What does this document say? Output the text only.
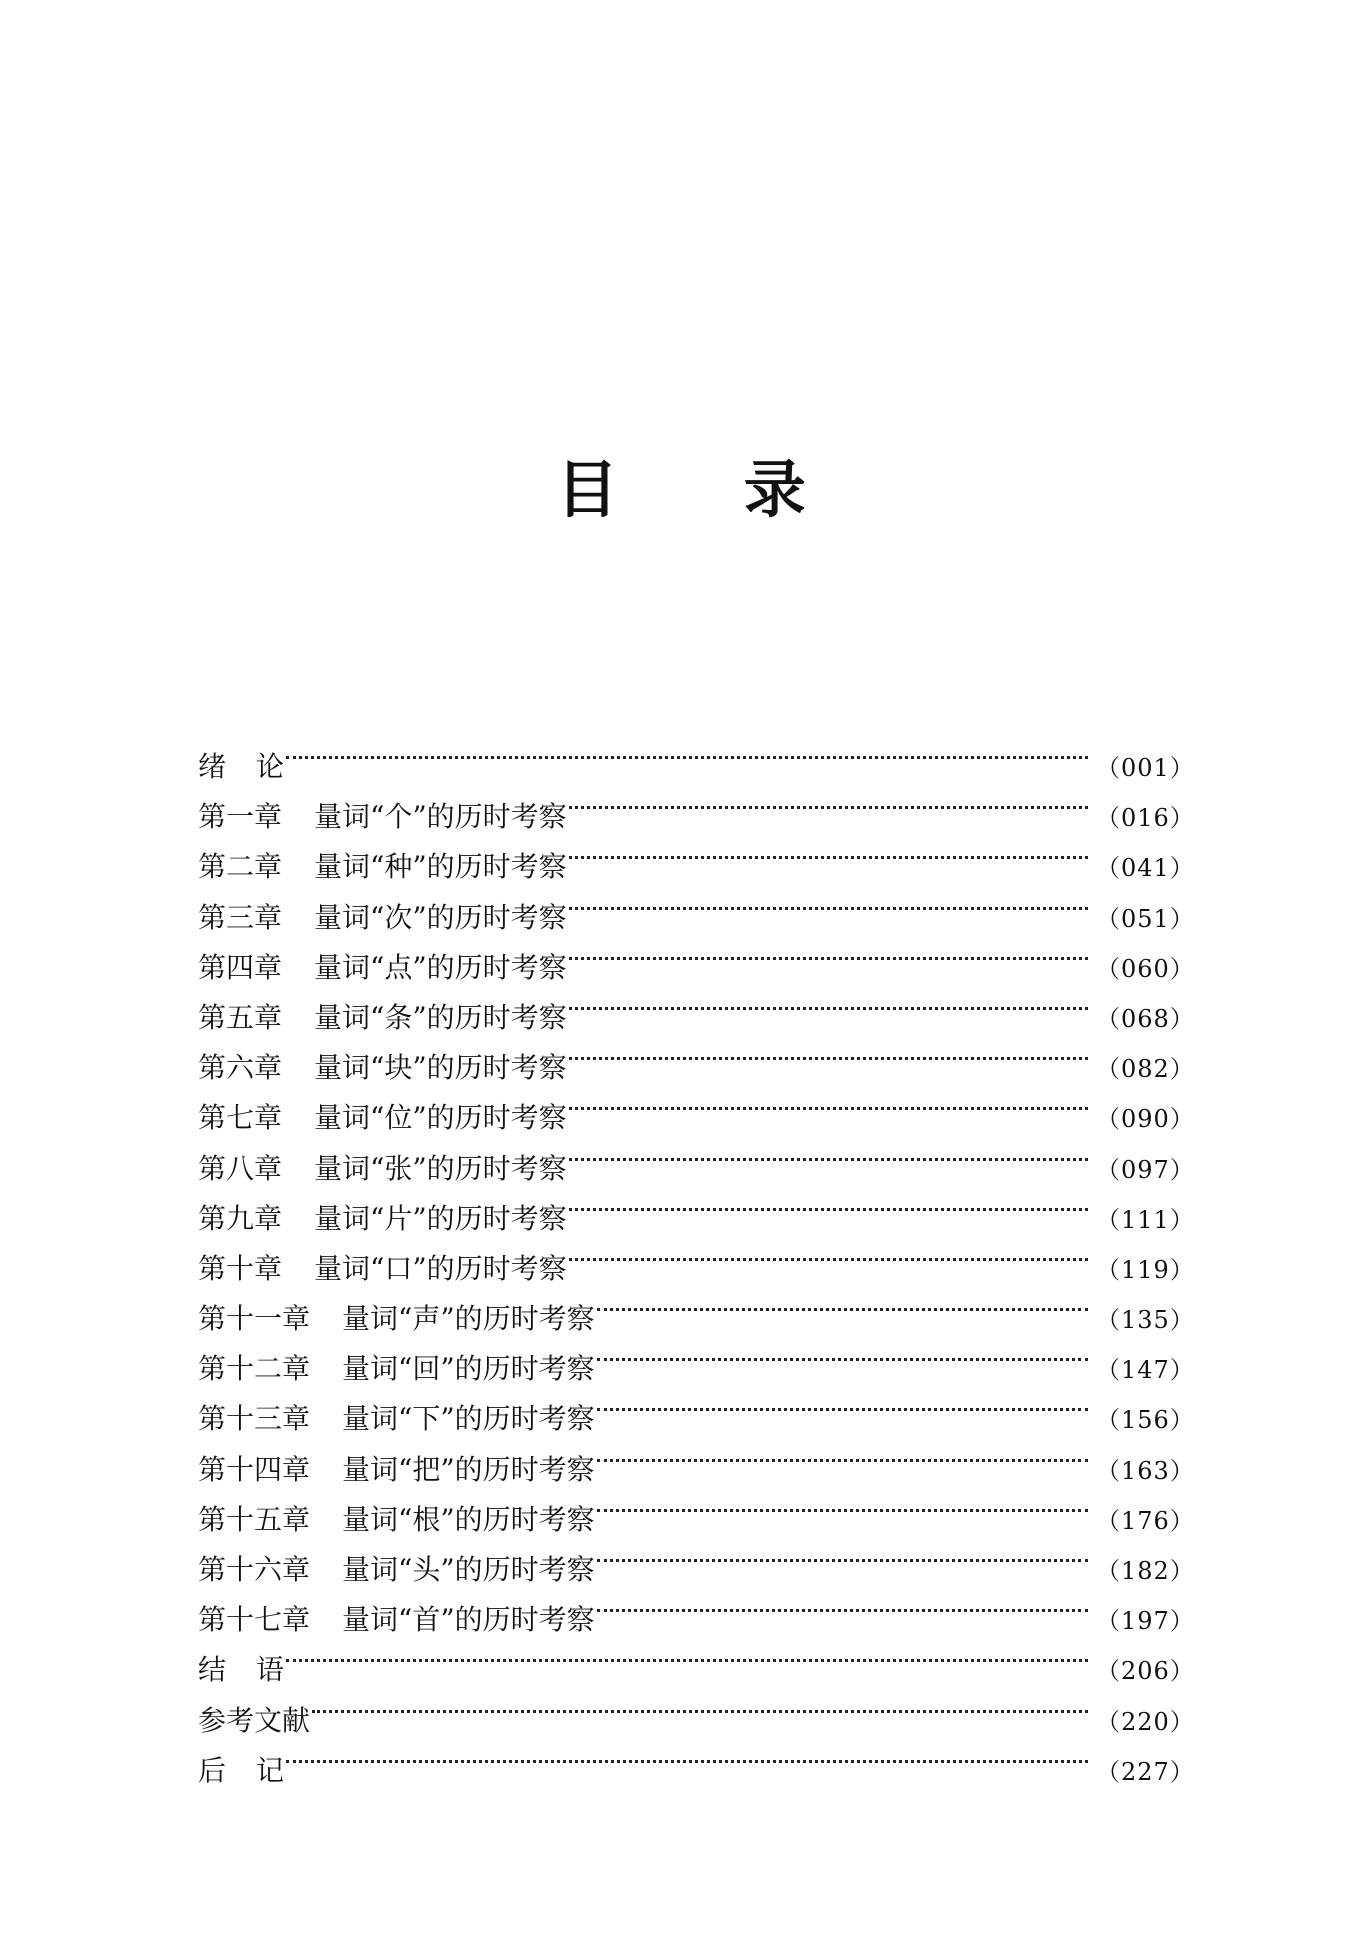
目 录
绪 论	（001）
第一章 量词“个”的历时考察	（016）
第二章 量词“种”的历时考察	（041）
第三章 量词“次”的历时考察	（051）
第四章 量词“点”的历时考察	（060）
第五章 量词“条”的历时考察	（068）
第六章 量词“块”的历时考察	（082）
第七章 量词“位”的历时考察	（090）
第八章 量词“张”的历时考察	（097）
第九章 量词“片”的历时考察	（111）
第十章 量词“口”的历时考察	（119）
第十一章 量词“声”的历时考察	（135）
第十二章 量词“回”的历时考察	（147）
第十三章 量词“下”的历时考察	（156）
第十四章 量词“把”的历时考察	（163）
第十五章 量词“根”的历时考察	（176）
第十六章 量词“头”的历时考察	（182）
第十七章 量词“首”的历时考察	（197）
结 语	（206）
参考文献	（220）
后 记	（227）
